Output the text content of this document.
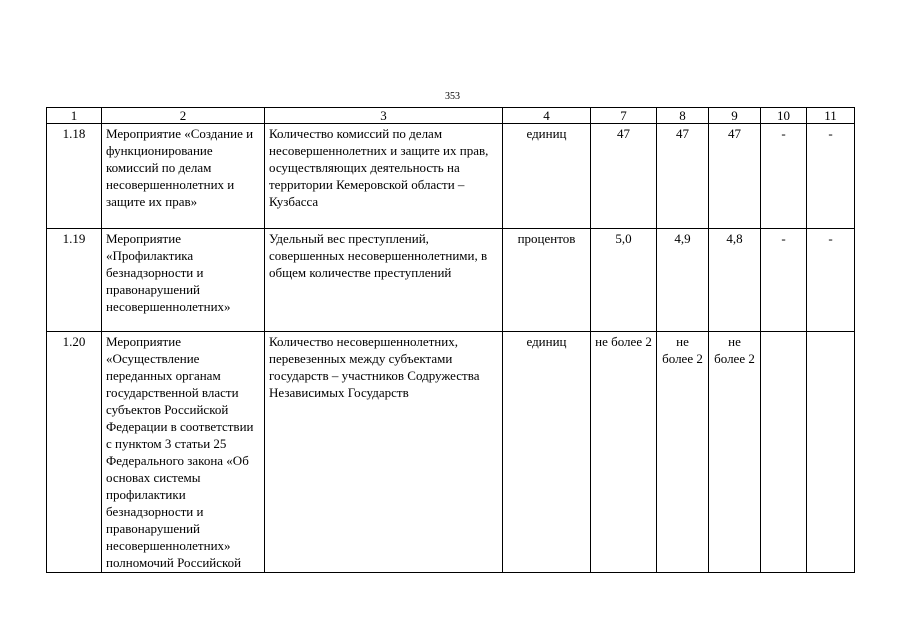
353
1	2	3	4	7	8	9	10	11
1.18	Мероприятие «Создание и функционирование комиссий по делам несовершеннолетних и защите их прав»	Количество комиссий по делам несовершеннолетних и защите их прав, осуществляющих деятельность на территории Кемеровской области – Кузбасса	единиц	47	47	47	-	-
1.19	Мероприятие «Профилактика безнадзорности и правонарушений несовершеннолетних»	Удельный вес преступлений, совершенных несовершеннолетними, в общем количестве преступлений	процентов	5,0	4,9	4,8	-	-
1.20	Мероприятие «Осуществление переданных органам государственной власти субъектов Российской Федерации в соответствии с пунктом 3 статьи 25 Федерального закона «Об основах системы профилактики безнадзорности и правонарушений несовершеннолетних» полномочий Российской	Количество несовершеннолетних, перевезенных между субъектами государств – участников Содружества Независимых Государств	единиц	не более 2	не более 2	не более 2		
